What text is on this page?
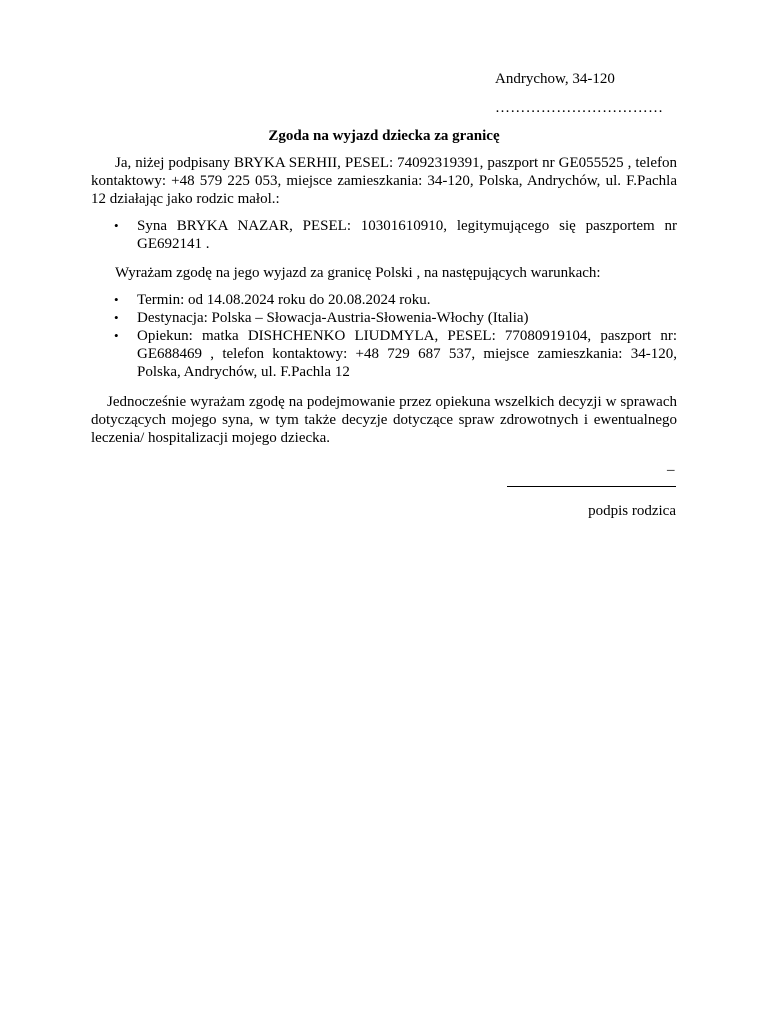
Andrychow, 34-120
……………………………
Zgoda na wyjazd dziecka za granicę

Ja, niżej podpisany BRYKA SERHII, PESEL: 74092319391, paszport nr GE055525 , telefon kontaktowy: +48 579 225 053, miejsce zamieszkania: 34-120, Polska, Andrychów, ul. F.Pachla 12 działając jako rodzic małol.:

• Syna BRYKA NAZAR, PESEL: 10301610910, legitymującego się paszportem nr GE692141 .

Wyrażam zgodę na jego wyjazd za granicę Polski , na następujących warunkach:

• Termin: od 14.08.2024 roku do 20.08.2024 roku.
• Destynacja: Polska – Słowacja-Austria-Słowenia-Włochy (Italia)
• Opiekun: matka DISHCHENKO LIUDMYLA, PESEL: 77080919104, paszport nr: GE688469 , telefon kontaktowy: +48 729 687 537, miejsce zamieszkania: 34-120, Polska, Andrychów, ul. F.Pachla 12

Jednocześnie wyrażam zgodę na podejmowanie przez opiekuna wszelkich decyzji w sprawach dotyczących mojego syna, w tym także decyzje dotyczące spraw zdrowotnych i ewentualnego leczenia/ hospitalizacji mojego dziecka.

–
podpis rodzica
